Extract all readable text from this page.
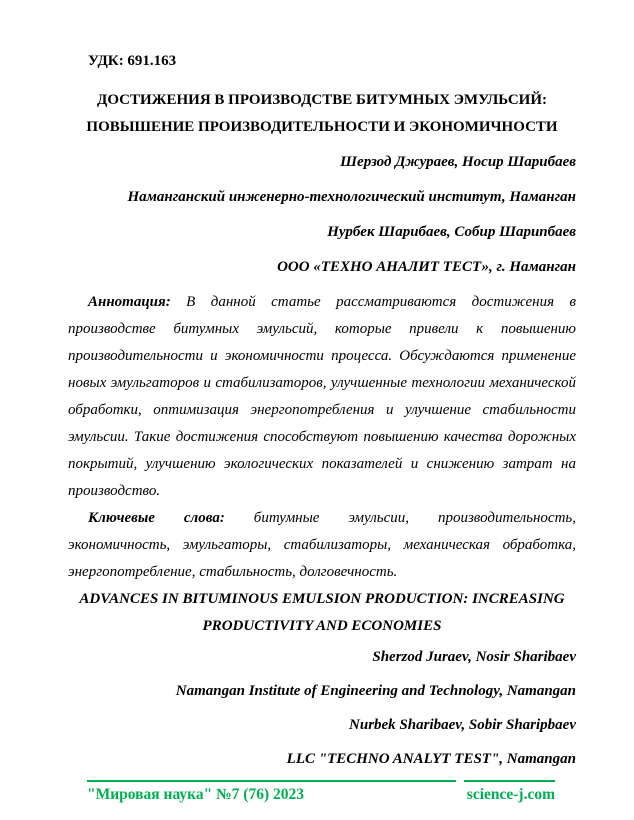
УДК: 691.163

ДОСТИЖЕНИЯ В ПРОИЗВОДСТВЕ БИТУМНЫХ ЭМУЛЬСИЙ:
ПОВЫШЕНИЕ ПРОИЗВОДИТЕЛЬНОСТИ И ЭКОНОМИЧНОСТИ

Шерзод Джураев, Носир Шарибаев

Наманганский инженерно-технологический институт, Наманган

Нурбек Шарибаев, Собир Шарипбаев

ООО «ТЕХНО АНАЛИТ ТЕСТ», г. Наманган

Аннотация: В данной статье рассматриваются достижения в производстве битумных эмульсий, которые привели к повышению производительности и экономичности процесса. Обсуждаются применение новых эмульгаторов и стабилизаторов, улучшенные технологии механической обработки, оптимизация энергопотребления и улучшение стабильности эмульсии. Такие достижения способствуют повышению качества дорожных покрытий, улучшению экологических показателей и снижению затрат на производство.

Ключевые слова: битумные эмульсии, производительность, экономичность, эмульгаторы, стабилизаторы, механическая обработка, энергопотребление, стабильность, долговечность.

ADVANCES IN BITUMINOUS EMULSION PRODUCTION: INCREASING
PRODUCTIVITY AND ECONOMIES

Sherzod Juraev, Nosir Sharibaev

Namangan Institute of Engineering and Technology, Namangan

Nurbek Sharibaev, Sobir Sharipbaev

LLC "TECHNO ANALYT TEST", Namangan

"Мировая наука" №7 (76) 2023	science-j.com
